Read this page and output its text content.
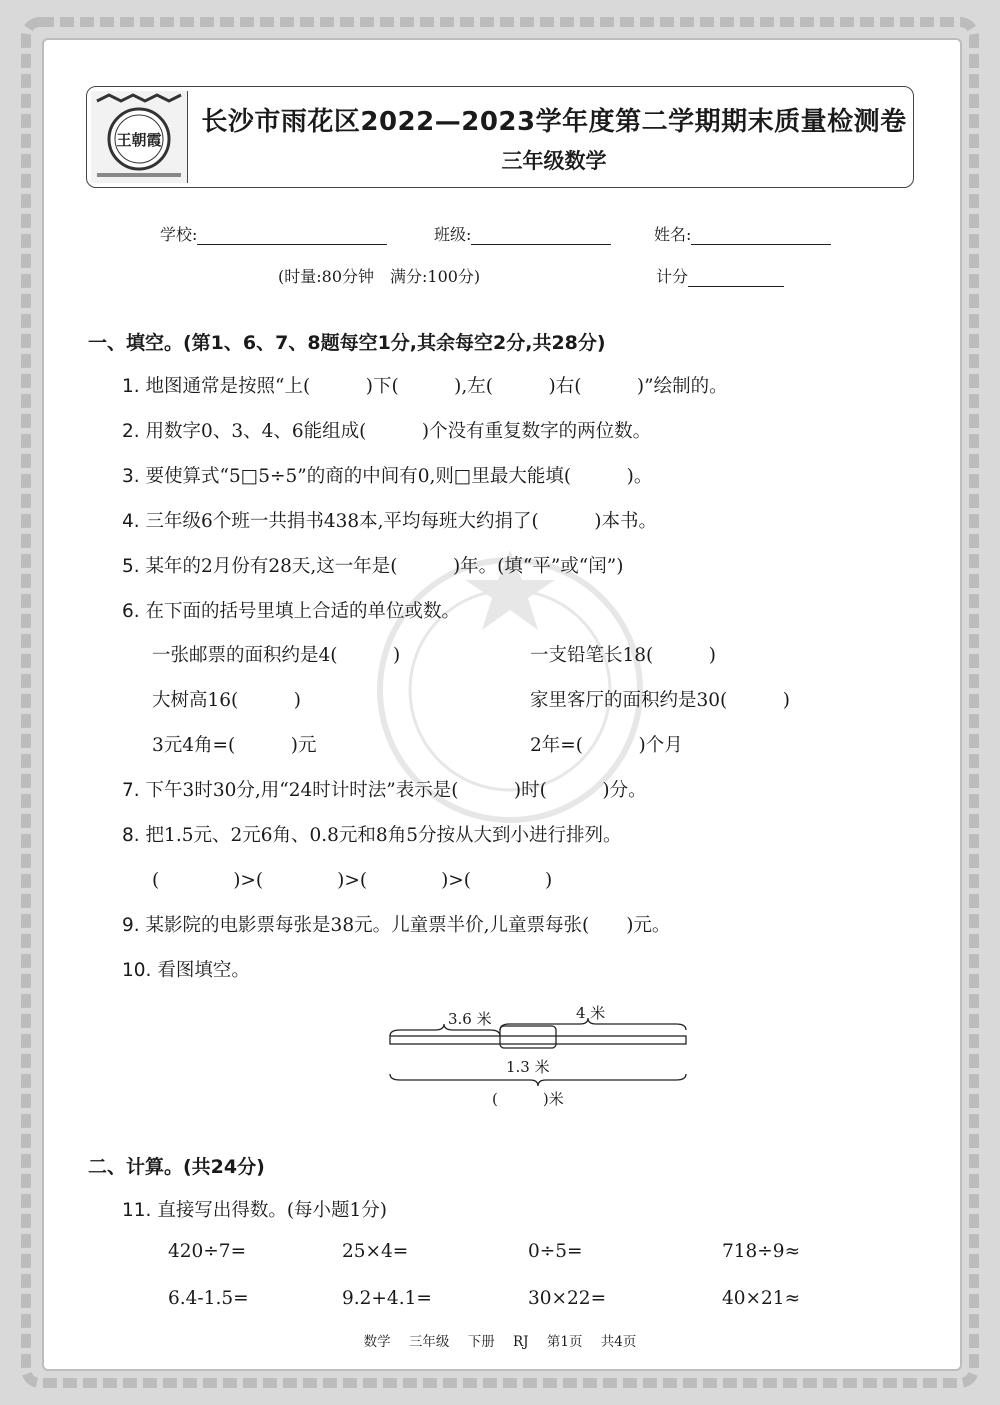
王朝霞
长沙市雨花区2022—2023学年度第二学期期末质量检测卷
三年级数学
学校:	班级:	姓名:
(时量:80分钟　满分:100分)	计分
一、填空。(第1、6、7、8题每空1分,其余每空2分,共28分)
1. 地图通常是按照“上(　　　)下(　　　),左(　　　)右(　　　)”绘制的。
2. 用数字0、3、4、6能组成(　　　)个没有重复数字的两位数。
3. 要使算式“5□5÷5”的商的中间有0,则□里最大能填(　　　)。
4. 三年级6个班一共捐书438本,平均每班大约捐了(　　　)本书。
5. 某年的2月份有28天,这一年是(　　　)年。(填“平”或“闰”)
6. 在下面的括号里填上合适的单位或数。
一张邮票的面积约是4(　　　)	一支铅笔长18(　　　)
大树高16(　　　)	家里客厅的面积约是30(　　　)
3元4角=(　　　)元	2年=(　　　)个月
7. 下午3时30分,用“24时计时法”表示是(　　　)时(　　　)分。
8. 把1.5元、2元6角、0.8元和8角5分按从大到小进行排列。
(　　　　)>(　　　　)>(　　　　)>(　　　　)
9. 某影院的电影票每张是38元。儿童票半价,儿童票每张(　　)元。
10. 看图填空。
3.6 米	4 米
1.3 米
(　　　)米
二、计算。(共24分)
11. 直接写出得数。(每小题1分)
420÷7=	25×4=	0÷5=	718÷9≈
6.4-1.5=	9.2+4.1=	30×22=	40×21≈
数学 三年级 下册 RJ 第1页 共4页
